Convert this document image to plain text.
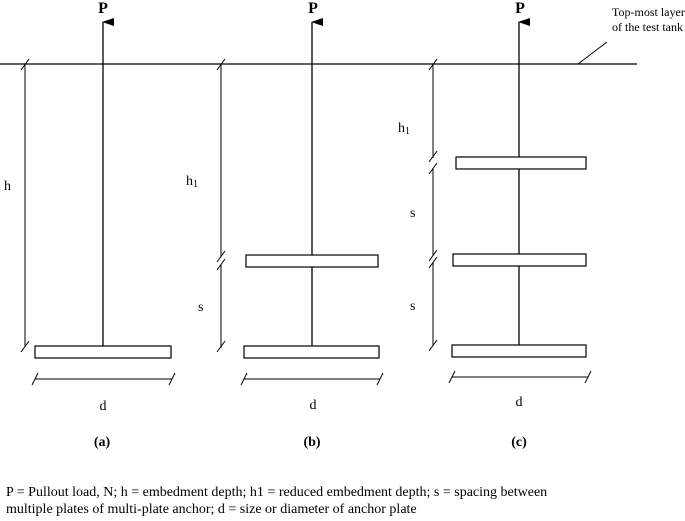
Top-most layer
of the test tank
P
h
d
(a)
P
h1
s
d
(b)
P
h1
s
s
d
(c)

P = Pullout load, N; h = embedment depth; h1 = reduced embedment depth; s = spacing between
multiple plates of multi-plate anchor; d = size or diameter of anchor plate
